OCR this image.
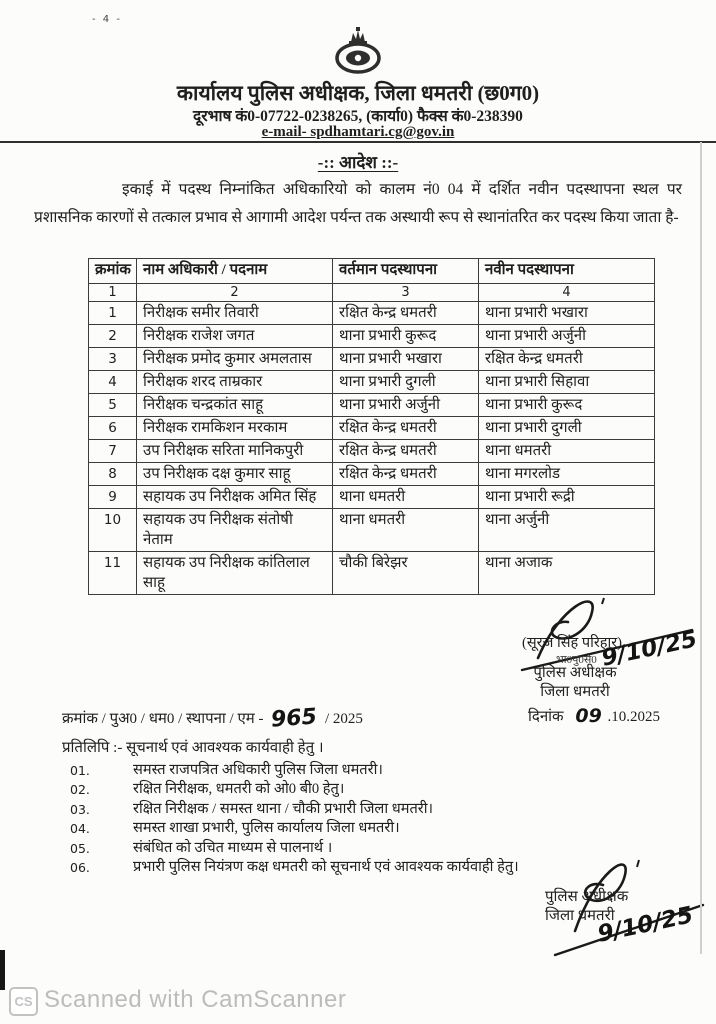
- 4 -
कार्यालय पुलिस अधीक्षक, जिला धमतरी (छ0ग0)
दूरभाष कं0-07722-0238265, (कार्या0) फैक्स कं0-238390
e-mail- spdhamtari.cg@gov.in
-:: आदेश ::-
इकाई में पदस्थ निम्नांकित अधिकारियो को कालम नं0 04 में दर्शित नवीन पदस्थापना स्थल पर प्रशासनिक कारणों से तत्काल प्रभाव से आगामी आदेश पर्यन्त तक अस्थायी रूप से स्थानांतरित कर पदस्थ किया जाता है-
क्रमांक	नाम अधिकारी / पदनाम	वर्तमान पदस्थापना	नवीन पदस्थापना
1	2	3	4
1	निरीक्षक समीर तिवारी	रक्षित केन्द्र धमतरी	थाना प्रभारी भखारा
2	निरीक्षक राजेश जगत	थाना प्रभारी कुरूद	थाना प्रभारी अर्जुनी
3	निरीक्षक प्रमोद कुमार अमलतास	थाना प्रभारी भखारा	रक्षित केन्द्र धमतरी
4	निरीक्षक शरद ताम्रकार	थाना प्रभारी दुगली	थाना प्रभारी सिहावा
5	निरीक्षक चन्द्रकांत साहू	थाना प्रभारी अर्जुनी	थाना प्रभारी कुरूद
6	निरीक्षक रामकिशन मरकाम	रक्षित केन्द्र धमतरी	थाना प्रभारी दुगली
7	उप निरीक्षक सरिता मानिकपुरी	रक्षित केन्द्र धमतरी	थाना धमतरी
8	उप निरीक्षक दक्ष कुमार साहू	रक्षित केन्द्र धमतरी	थाना मगरलोड
9	सहायक उप निरीक्षक अमित सिंह	थाना धमतरी	थाना प्रभारी रूद्री
10	सहायक उप निरीक्षक संतोषी नेताम	थाना धमतरी	थाना अर्जुनी
11	सहायक उप निरीक्षक कांतिलाल साहू	चौकी बिरेझर	थाना अजाक
(सूरज सिंह परिहार)
भा0पु0से0 9/10/25
पुलिस अधीक्षक
जिला धमतरी
क्रमांक / पुअ0 / धम0 / स्थापना / एम - 965 / 2025	दिनांक 09 .10.2025
प्रतिलिपि :- सूचनार्थ एवं आवश्यक कार्यवाही हेतु ।
01.	समस्त राजपत्रित अधिकारी पुलिस जिला धमतरी।
02.	रक्षित निरीक्षक, धमतरी को ओ0 बी0 हेतु।
03.	रक्षित निरीक्षक / समस्त थाना / चौकी प्रभारी जिला धमतरी।
04.	समस्त शाखा प्रभारी, पुलिस कार्यालय जिला धमतरी।
05.	संबंधित को उचित माध्यम से पालनार्थ ।
06.	प्रभारी पुलिस नियंत्रण कक्ष धमतरी को सूचनार्थ एवं आवश्यक कार्यवाही हेतु।
पुलिस अधीक्षक
जिला धमतरी
9/10/25
CS Scanned with CamScanner
